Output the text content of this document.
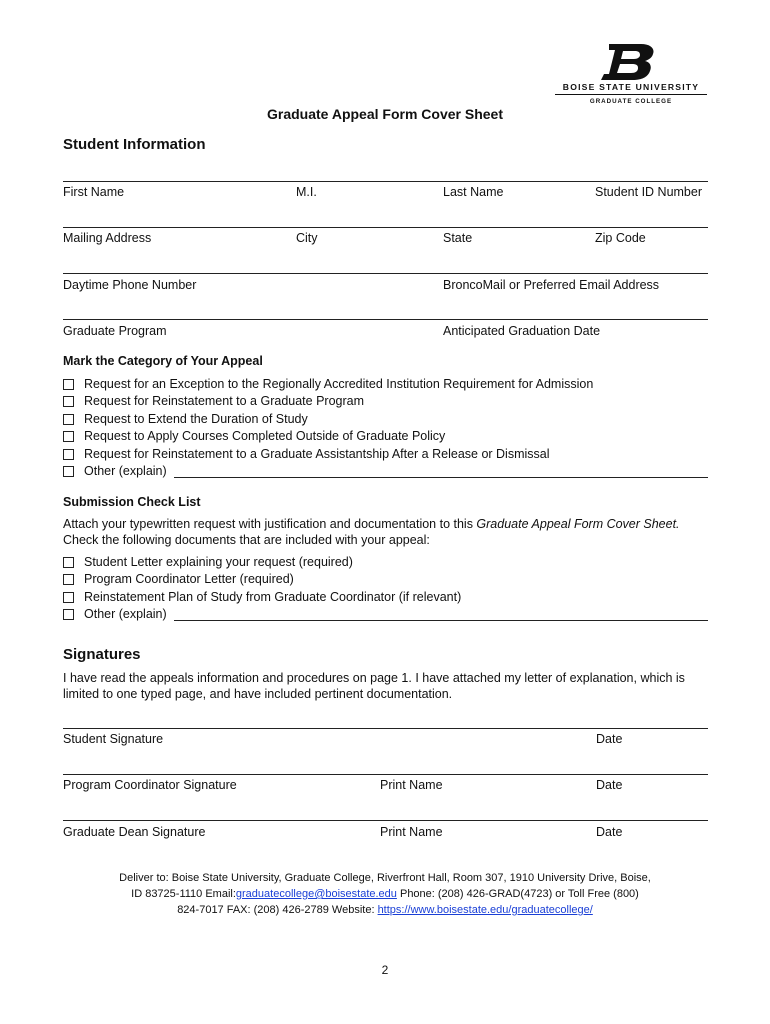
BOISE STATE UNIVERSITY
GRADUATE COLLEGE
Graduate Appeal Form Cover Sheet
Student Information
First Name	M.I.	Last Name	Student ID Number
Mailing Address	City	State	Zip Code
Daytime Phone Number	BroncoMail or Preferred Email Address
Graduate Program	Anticipated Graduation Date
Mark the Category of Your Appeal
Request for an Exception to the Regionally Accredited Institution Requirement for Admission
Request for Reinstatement to a Graduate Program
Request to Extend the Duration of Study
Request to Apply Courses Completed Outside of Graduate Policy
Request for Reinstatement to a Graduate Assistantship After a Release or Dismissal
Other (explain)
Submission Check List
Attach your typewritten request with justification and documentation to this Graduate Appeal Form Cover Sheet.
Check the following documents that are included with your appeal:
Student Letter explaining your request (required)
Program Coordinator Letter (required)
Reinstatement Plan of Study from Graduate Coordinator (if relevant)
Other (explain)
Signatures
I have read the appeals information and procedures on page 1. I have attached my letter of explanation, which is limited to one typed page, and have included pertinent documentation.
Student Signature	Date
Program Coordinator Signature	Print Name	Date
Graduate Dean Signature	Print Name	Date
Deliver to: Boise State University, Graduate College, Riverfront Hall, Room 307, 1910 University Drive, Boise,
ID 83725-1110 Email:graduatecollege@boisestate.edu Phone: (208) 426-GRAD(4723) or Toll Free (800)
824-7017 FAX: (208) 426-2789 Website: https://www.boisestate.edu/graduatecollege/
2
